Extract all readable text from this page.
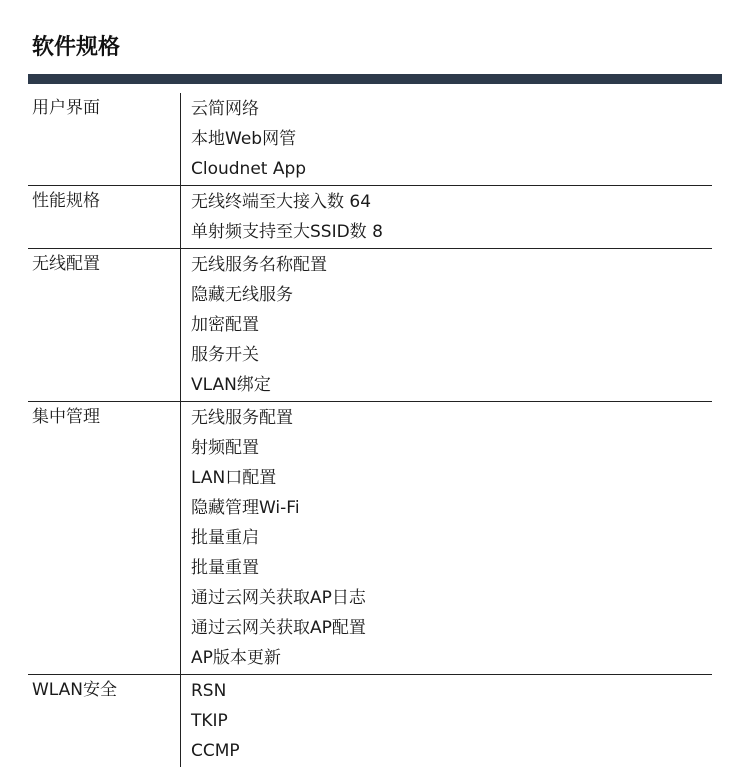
软件规格
用户界面	云简网络
本地Web网管
Cloudnet App
性能规格	无线终端至大接入数 64
单射频支持至大SSID数 8
无线配置	无线服务名称配置
隐藏无线服务
加密配置
服务开关
VLAN绑定
集中管理	无线服务配置
射频配置
LAN口配置
隐藏管理Wi-Fi
批量重启
批量重置
通过云网关获取AP日志
通过云网关获取AP配置
AP版本更新
WLAN安全	RSN
TKIP
CCMP
